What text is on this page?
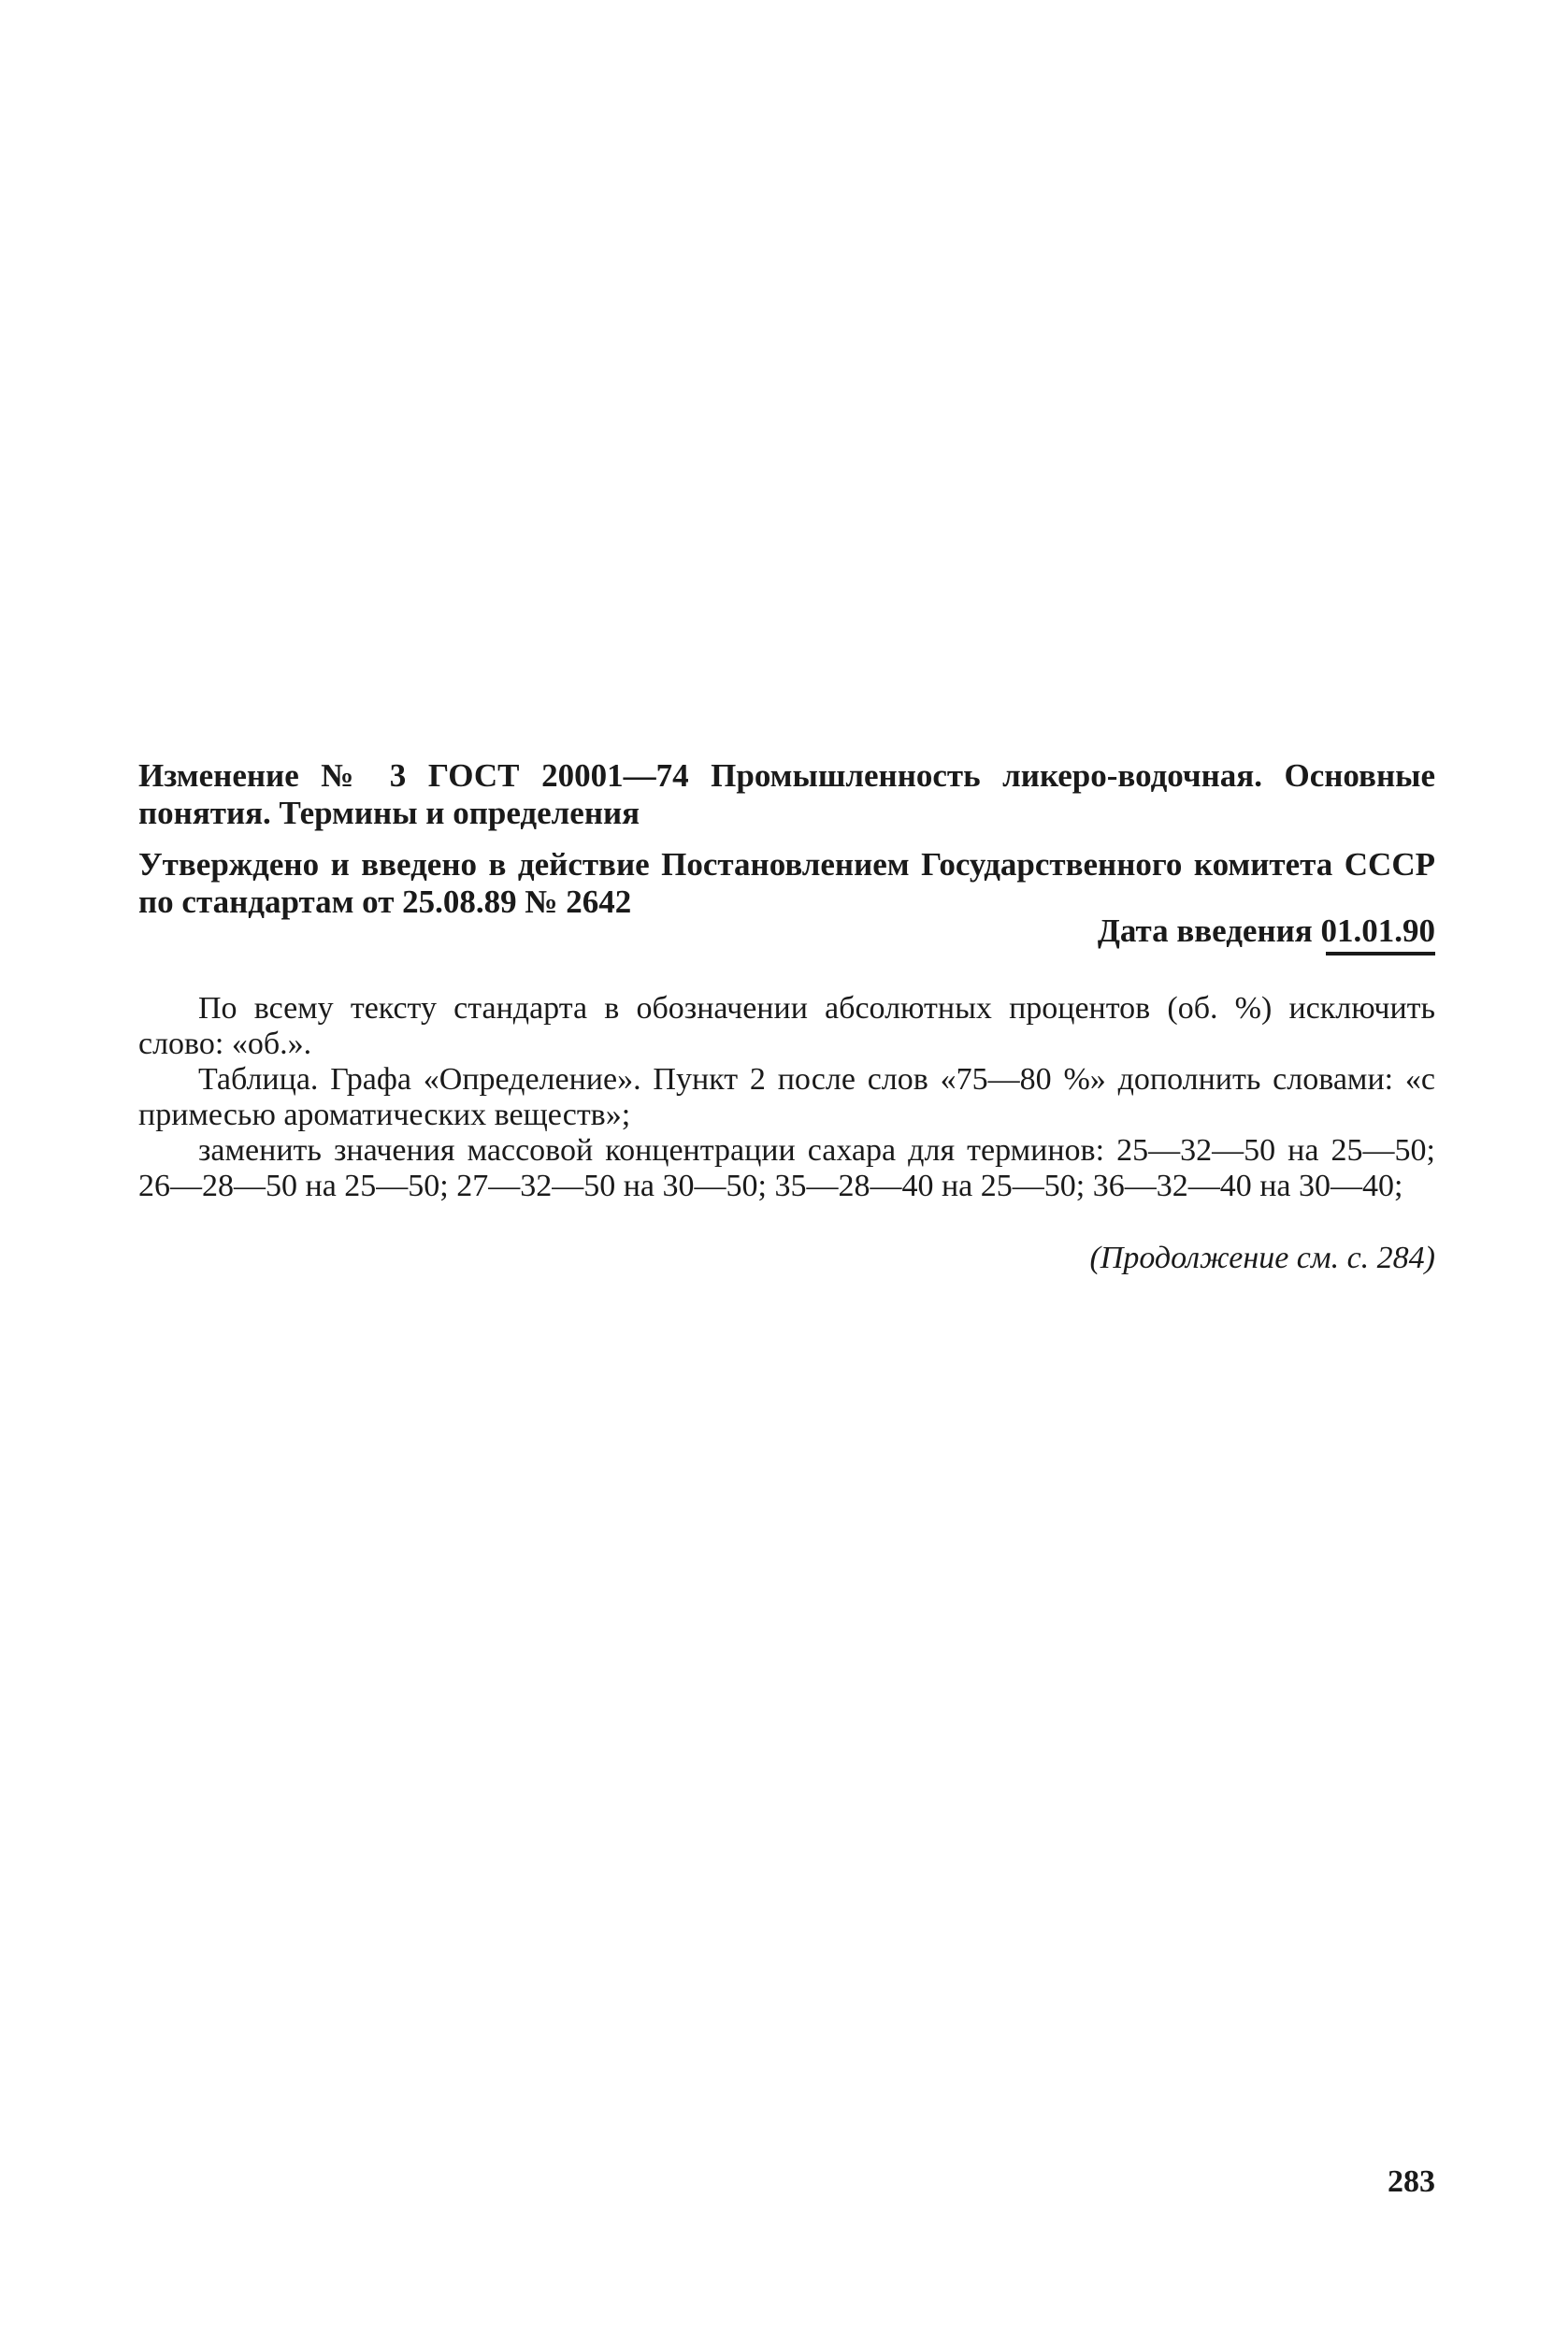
Изменение № 3 ГОСТ 20001—74 Промышленность ликеро-водочная. Основные понятия. Термины и определения

Утверждено и введено в действие Постановлением Государственного комитета СССР по стандартам от 25.08.89 № 2642

Дата введения 01.01.90

По всему тексту стандарта в обозначении абсолютных процентов (об. %) исключить слово: «об.».

Таблица. Графа «Определение». Пункт 2 после слов «75—80 %» дополнить словами: «с примесью ароматических веществ»;

заменить значения массовой концентрации сахара для терминов: 25—32—50 на 25—50; 26—28—50 на 25—50; 27—32—50 на 30—50; 35—28—40 на 25—50; 36—32—40 на 30—40;

(Продолжение см. с. 284)
283
